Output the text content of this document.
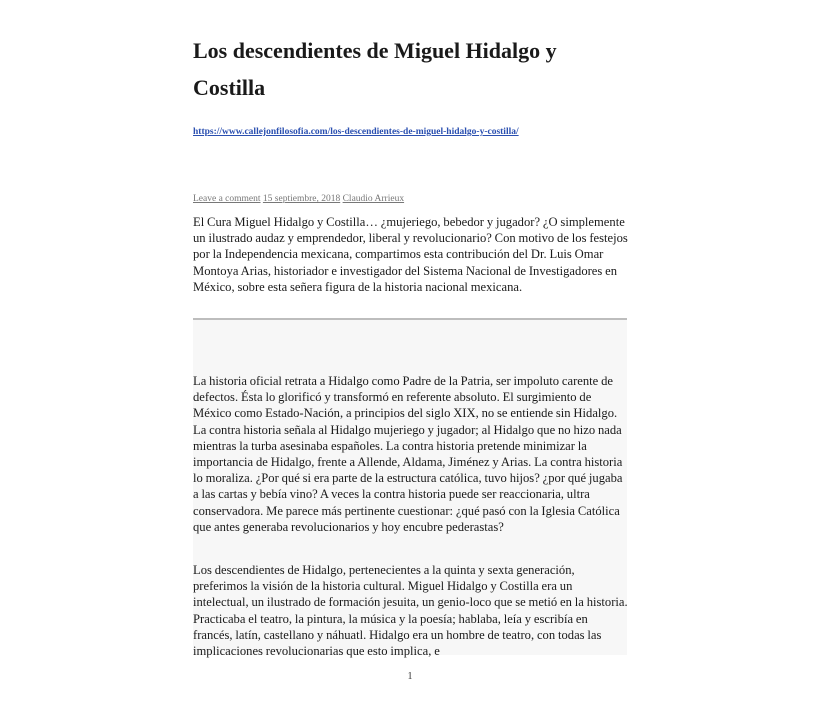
Los descendientes de Miguel Hidalgo y Costilla
https://www.callejonfilosofia.com/los-descendientes-de-miguel-hidalgo-y-costilla/
Leave a comment 15 septiembre, 2018 Claudio Arrieux

El Cura Miguel Hidalgo y Costilla… ¿mujeriego, bebedor y jugador? ¿O simplemente un ilustrado audaz y emprendedor, liberal y revolucionario? Con motivo de los festejos por la Independencia mexicana, compartimos esta contribución del Dr. Luis Omar Montoya Arias, historiador e investigador del Sistema Nacional de Investigadores en México, sobre esta señera figura de la historia nacional mexicana.

La historia oficial retrata a Hidalgo como Padre de la Patria, ser impoluto carente de defectos. Ésta lo glorificó y transformó en referente absoluto. El surgimiento de México como Estado-Nación, a principios del siglo XIX, no se entiende sin Hidalgo. La contra historia señala al Hidalgo mujeriego y jugador; al Hidalgo que no hizo nada mientras la turba asesinaba españoles. La contra historia pretende minimizar la importancia de Hidalgo, frente a Allende, Aldama, Jiménez y Arias. La contra historia lo moraliza. ¿Por qué si era parte de la estructura católica, tuvo hijos? ¿por qué jugaba a las cartas y bebía vino? A veces la contra historia puede ser reaccionaria, ultra conservadora. Me parece más pertinente cuestionar: ¿qué pasó con la Iglesia Católica que antes generaba revolucionarios y hoy encubre pederastas?

Los descendientes de Hidalgo, pertenecientes a la quinta y sexta generación, preferimos la visión de la historia cultural. Miguel Hidalgo y Costilla era un intelectual, un ilustrado de formación jesuita, un genio-loco que se metió en la historia. Practicaba el teatro, la pintura, la música y la poesía; hablaba, leía y escribía en francés, latín, castellano y náhuatl. Hidalgo era un hombre de teatro, con todas las implicaciones revolucionarias que esto implica, e

1
